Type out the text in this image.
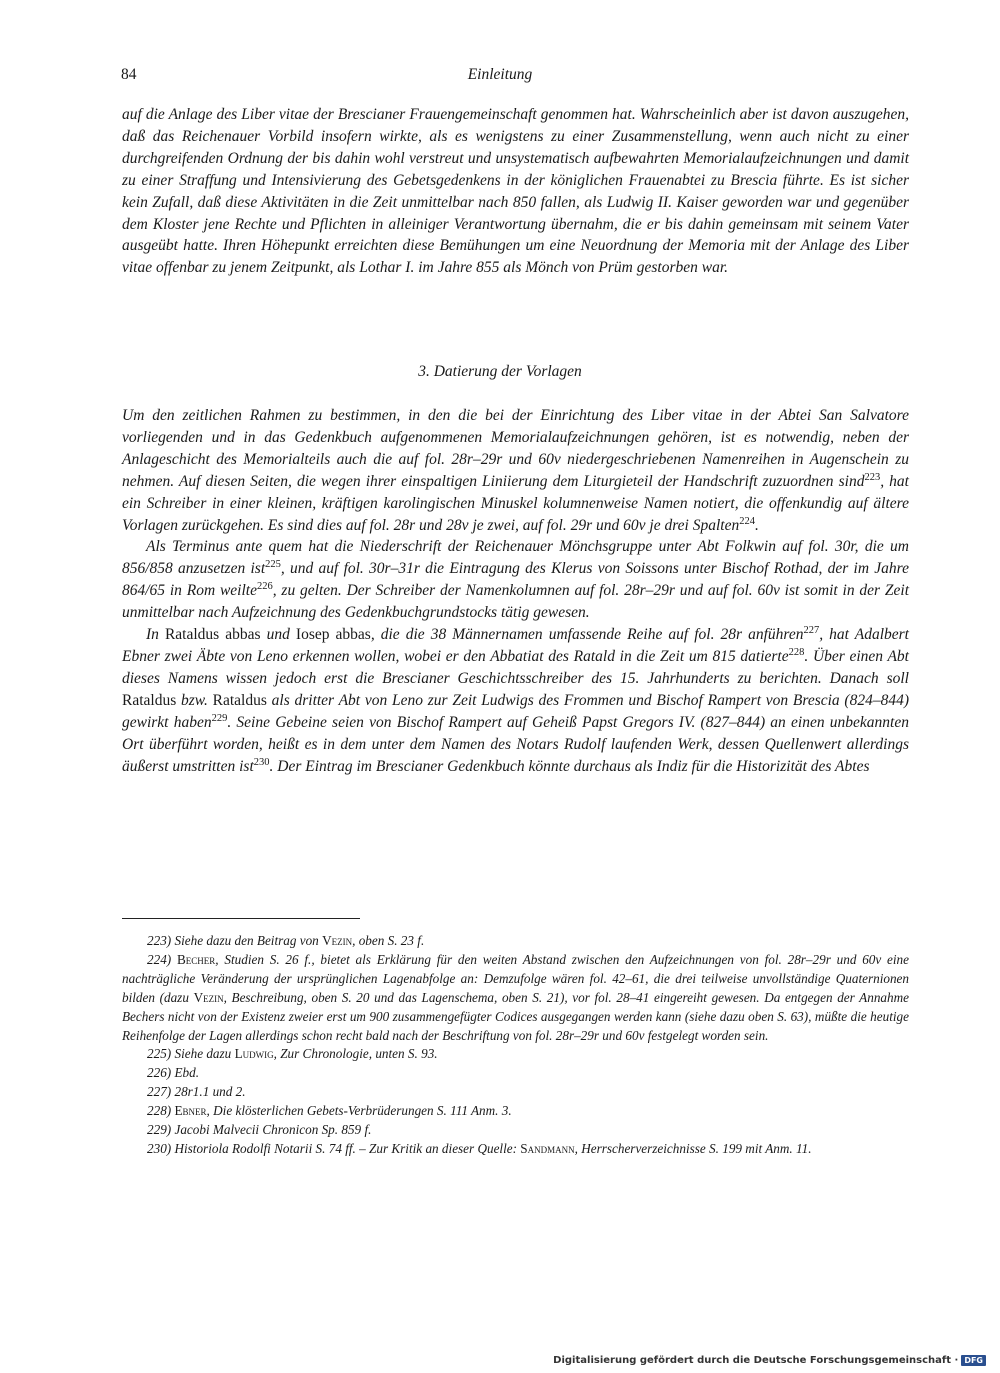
84	Einleitung

auf die Anlage des Liber vitae der Brescianer Frauengemeinschaft genommen hat. Wahrscheinlich aber ist davon auszugehen, daß das Reichenauer Vorbild insofern wirkte, als es wenigstens zu einer Zusammenstellung, wenn auch nicht zu einer durchgreifenden Ordnung der bis dahin wohl verstreut und unsystematisch aufbewahrten Memorialaufzeichnungen und damit zu einer Straffung und Intensivierung des Gebetsgedenkens in der königlichen Frauenabtei zu Brescia führte. Es ist sicher kein Zufall, daß diese Aktivitäten in die Zeit unmittelbar nach 850 fallen, als Ludwig II. Kaiser geworden war und gegenüber dem Kloster jene Rechte und Pflichten in alleiniger Verantwortung übernahm, die er bis dahin gemeinsam mit seinem Vater ausgeübt hatte. Ihren Höhepunkt erreichten diese Bemühungen um eine Neuordnung der Memoria mit der Anlage des Liber vitae offenbar zu jenem Zeitpunkt, als Lothar I. im Jahre 855 als Mönch von Prüm gestorben war.

3. Datierung der Vorlagen

Um den zeitlichen Rahmen zu bestimmen, in den die bei der Einrichtung des Liber vitae in der Abtei San Salvatore vorliegenden und in das Gedenkbuch aufgenommenen Memorialaufzeichnungen gehören, ist es notwendig, neben der Anlageschicht des Memorialteils auch die auf fol. 28r–29r und 60v niedergeschriebenen Namenreihen in Augenschein zu nehmen. Auf diesen Seiten, die wegen ihrer einspaltigen Liniierung dem Liturgieteil der Handschrift zuzuordnen sind$^{223}$, hat ein Schreiber in einer kleinen, kräftigen karolingischen Minuskel kolumnenweise Namen notiert, die offenkundig auf ältere Vorlagen zurückgehen. Es sind dies auf fol. 28r und 28v je zwei, auf fol. 29r und 60v je drei Spalten$^{224}$.

Als Terminus ante quem hat die Niederschrift der Reichenauer Mönchsgruppe unter Abt Folkwin auf fol. 30r, die um 856/858 anzusetzen ist$^{225}$, und auf fol. 30r–31r die Eintragung des Klerus von Soissons unter Bischof Rothad, der im Jahre 864/65 in Rom weilte$^{226}$, zu gelten. Der Schreiber der Namenkolumnen auf fol. 28r–29r und auf fol. 60v ist somit in der Zeit unmittelbar nach Aufzeichnung des Gedenkbuchgrundstocks tätig gewesen.

In Rataldus abbas und Iosep abbas, die die 38 Männernamen umfassende Reihe auf fol. 28r anführen$^{227}$, hat Adalbert Ebner zwei Äbte von Leno erkennen wollen, wobei er den Abbatiat des Ratald in die Zeit um 815 datierte$^{228}$. Über einen Abt dieses Namens wissen jedoch erst die Brescianer Geschichtsschreiber des 15. Jahrhunderts zu berichten. Danach soll Rataldus bzw. Rataldus als dritter Abt von Leno zur Zeit Ludwigs des Frommen und Bischof Rampert von Brescia (824–844) gewirkt haben$^{229}$. Seine Gebeine seien von Bischof Rampert auf Geheiß Papst Gregors IV. (827–844) an einen unbekannten Ort überführt worden, heißt es in dem unter dem Namen des Notars Rudolf laufenden Werk, dessen Quellenwert allerdings äußerst umstritten ist$^{230}$. Der Eintrag im Brescianer Gedenkbuch könnte durchaus als Indiz für die Historizität des Abtes

223) Siehe dazu den Beitrag von Vezin, oben S. 23 f.
224) Becher, Studien S. 26 f., bietet als Erklärung für den weiten Abstand zwischen den Aufzeichnungen von fol. 28r–29r und 60v eine nachträgliche Veränderung der ursprünglichen Lagenabfolge an: Demzufolge wären fol. 42–61, die drei teilweise unvollständige Quaternionen bilden (dazu Vezin, Beschreibung, oben S. 20 und das Lagenschema, oben S. 21), vor fol. 28–41 eingereiht gewesen. Da entgegen der Annahme Bechers nicht von der Existenz zweier erst um 900 zusammengefügter Codices ausgegangen werden kann (siehe dazu oben S. 63), müßte die heutige Reihenfolge der Lagen allerdings schon recht bald nach der Beschriftung von fol. 28r–29r und 60v festgelegt worden sein.
225) Siehe dazu Ludwig, Zur Chronologie, unten S. 93.
226) Ebd.
227) 28r1.1 und 2.
228) Ebner, Die klösterlichen Gebets-Verbrüderungen S. 111 Anm. 3.
229) Jacobi Malvecii Chronicon Sp. 859 f.
230) Historiola Rodolfi Notarii S. 74 ff. – Zur Kritik an dieser Quelle: Sandmann, Herrscherverzeichnisse S. 199 mit Anm. 11.
Digitalisierung gefördert durch die Deutsche Forschungsgemeinschaft · DFG
